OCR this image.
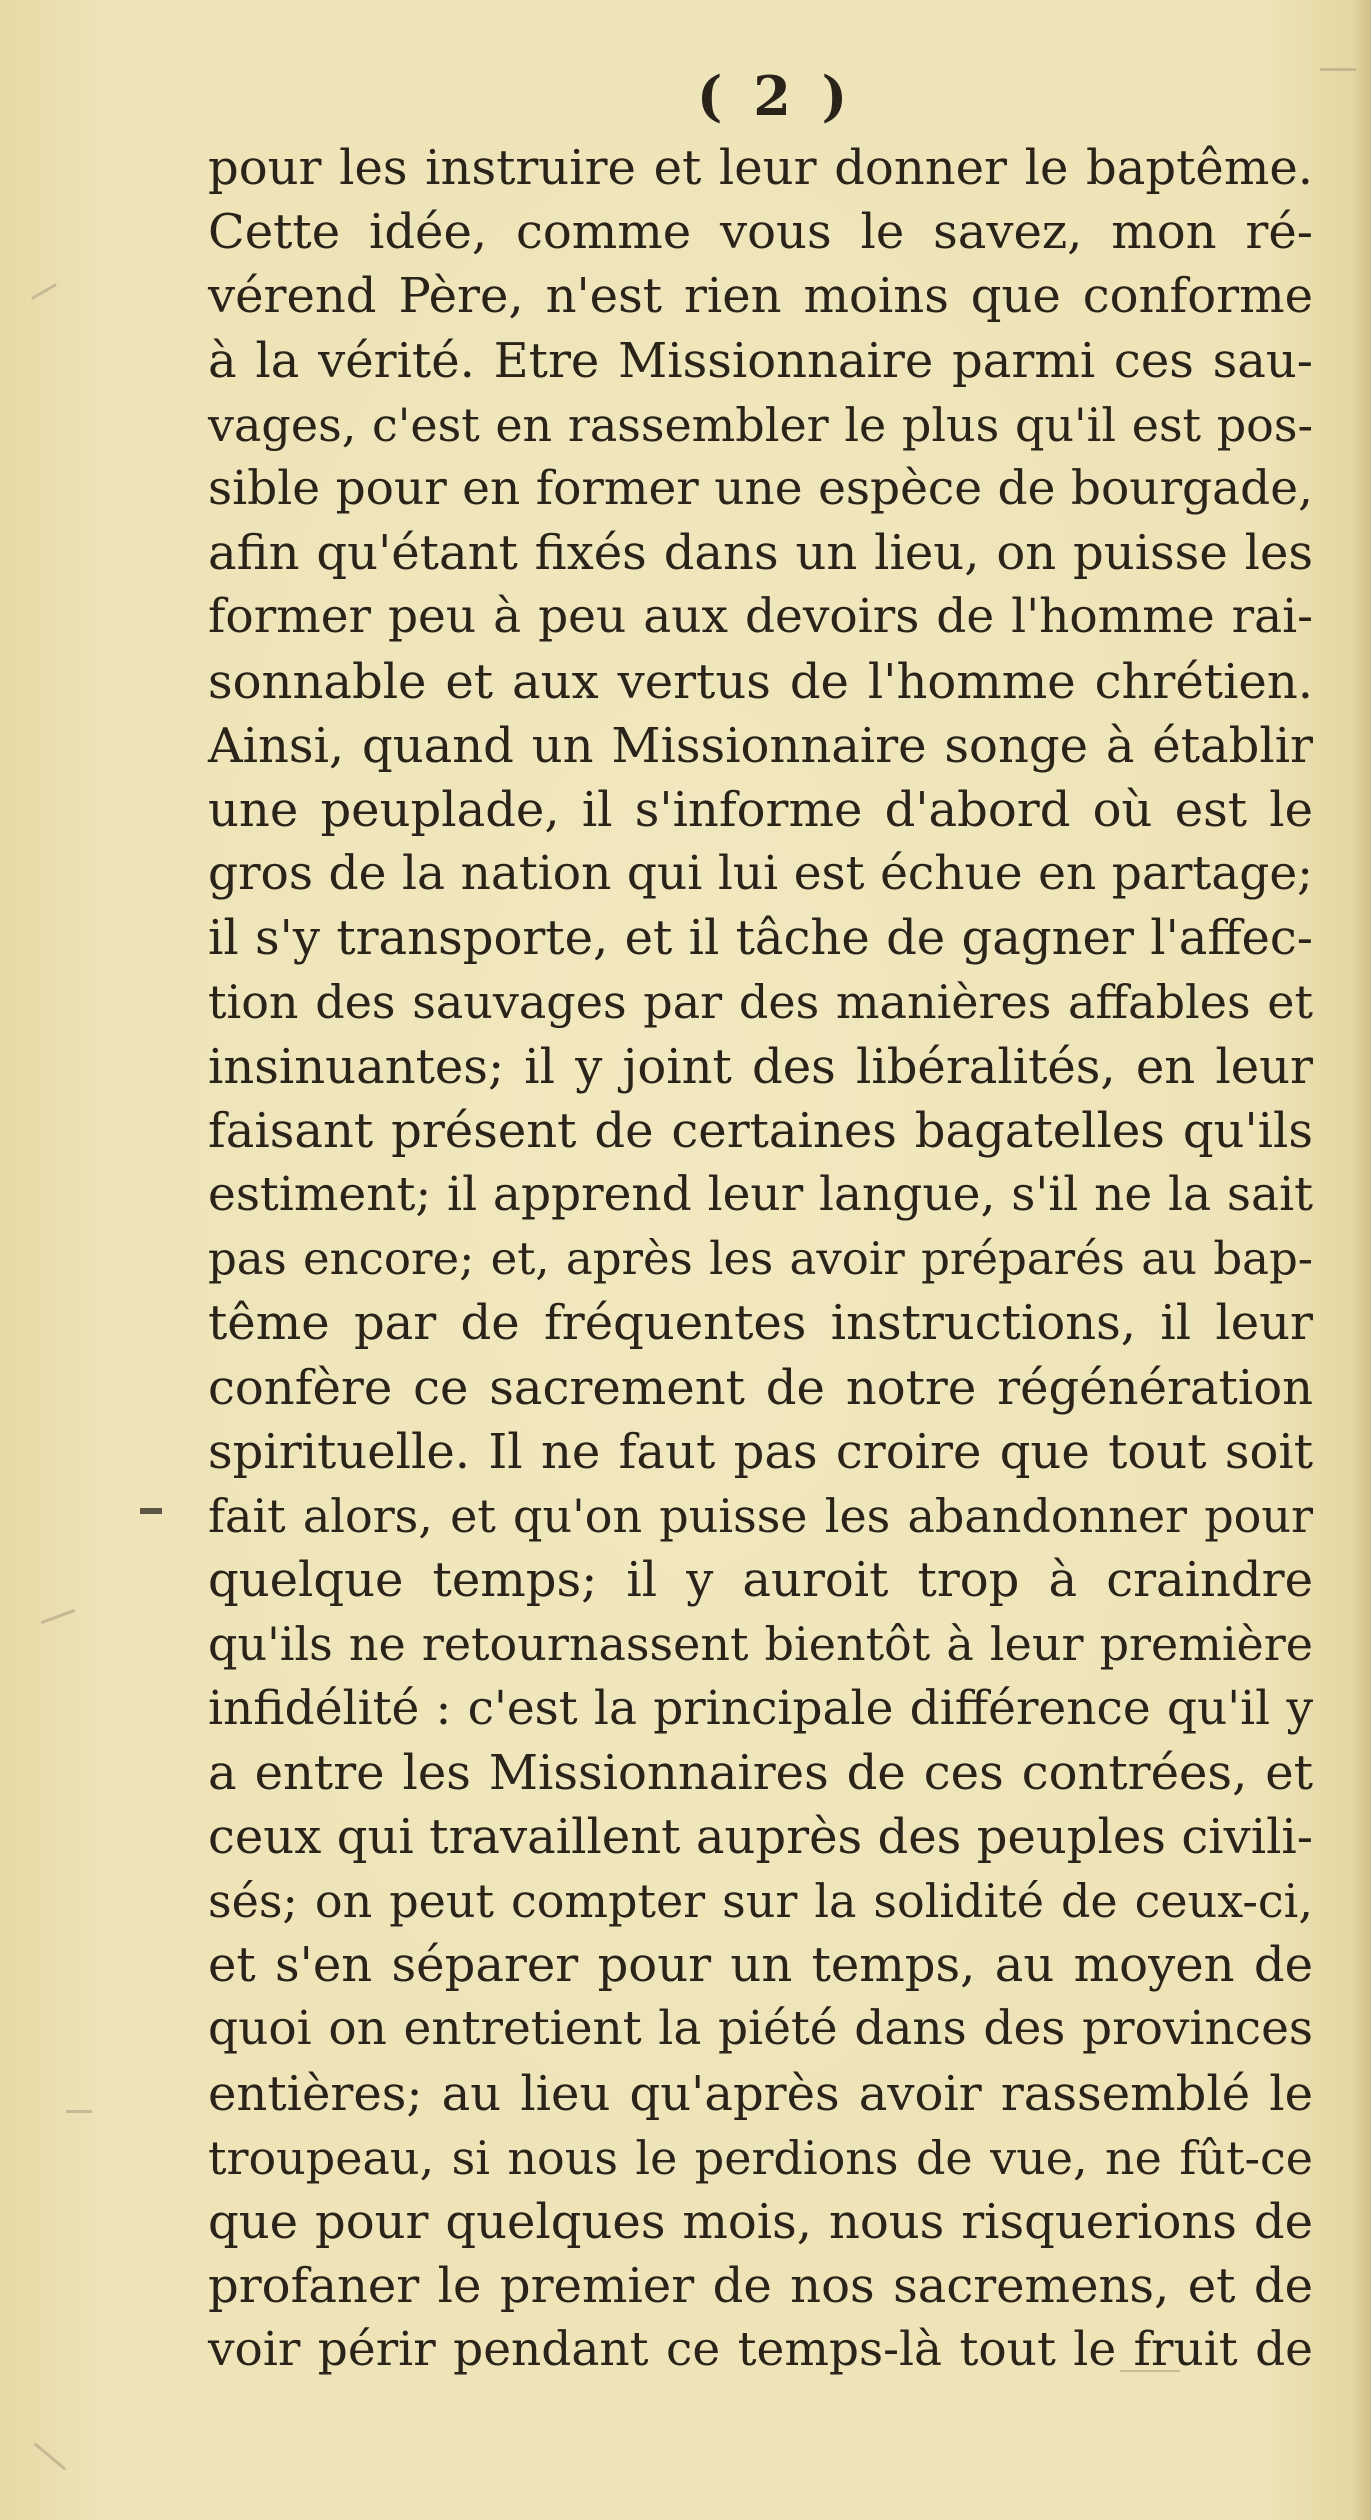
( 2 )
pour les instruire et leur donner le baptême.
Cette idée, comme vous le savez, mon ré-
vérend Père, n'est rien moins que conforme
à la vérité. Etre Missionnaire parmi ces sau-
vages, c'est en rassembler le plus qu'il est pos-
sible pour en former une espèce de bourgade,
afin qu'étant fixés dans un lieu, on puisse les
former peu à peu aux devoirs de l'homme rai-
sonnable et aux vertus de l'homme chrétien.
Ainsi, quand un Missionnaire songe à établir
une peuplade, il s'informe d'abord où est le
gros de la nation qui lui est échue en partage;
il s'y transporte, et il tâche de gagner l'affec-
tion des sauvages par des manières affables et
insinuantes; il y joint des libéralités, en leur
faisant présent de certaines bagatelles qu'ils
estiment; il apprend leur langue, s'il ne la sait
pas encore; et, après les avoir préparés au bap-
tême par de fréquentes instructions, il leur
confère ce sacrement de notre régénération
spirituelle. Il ne faut pas croire que tout soit
fait alors, et qu'on puisse les abandonner pour
quelque temps; il y auroit trop à craindre
qu'ils ne retournassent bientôt à leur première
infidélité : c'est la principale différence qu'il y
a entre les Missionnaires de ces contrées, et
ceux qui travaillent auprès des peuples civili-
sés; on peut compter sur la solidité de ceux-ci,
et s'en séparer pour un temps, au moyen de
quoi on entretient la piété dans des provinces
entières; au lieu qu'après avoir rassemblé le
troupeau, si nous le perdions de vue, ne fût-ce
que pour quelques mois, nous risquerions de
profaner le premier de nos sacremens, et de
voir périr pendant ce temps-là tout le fruit de
